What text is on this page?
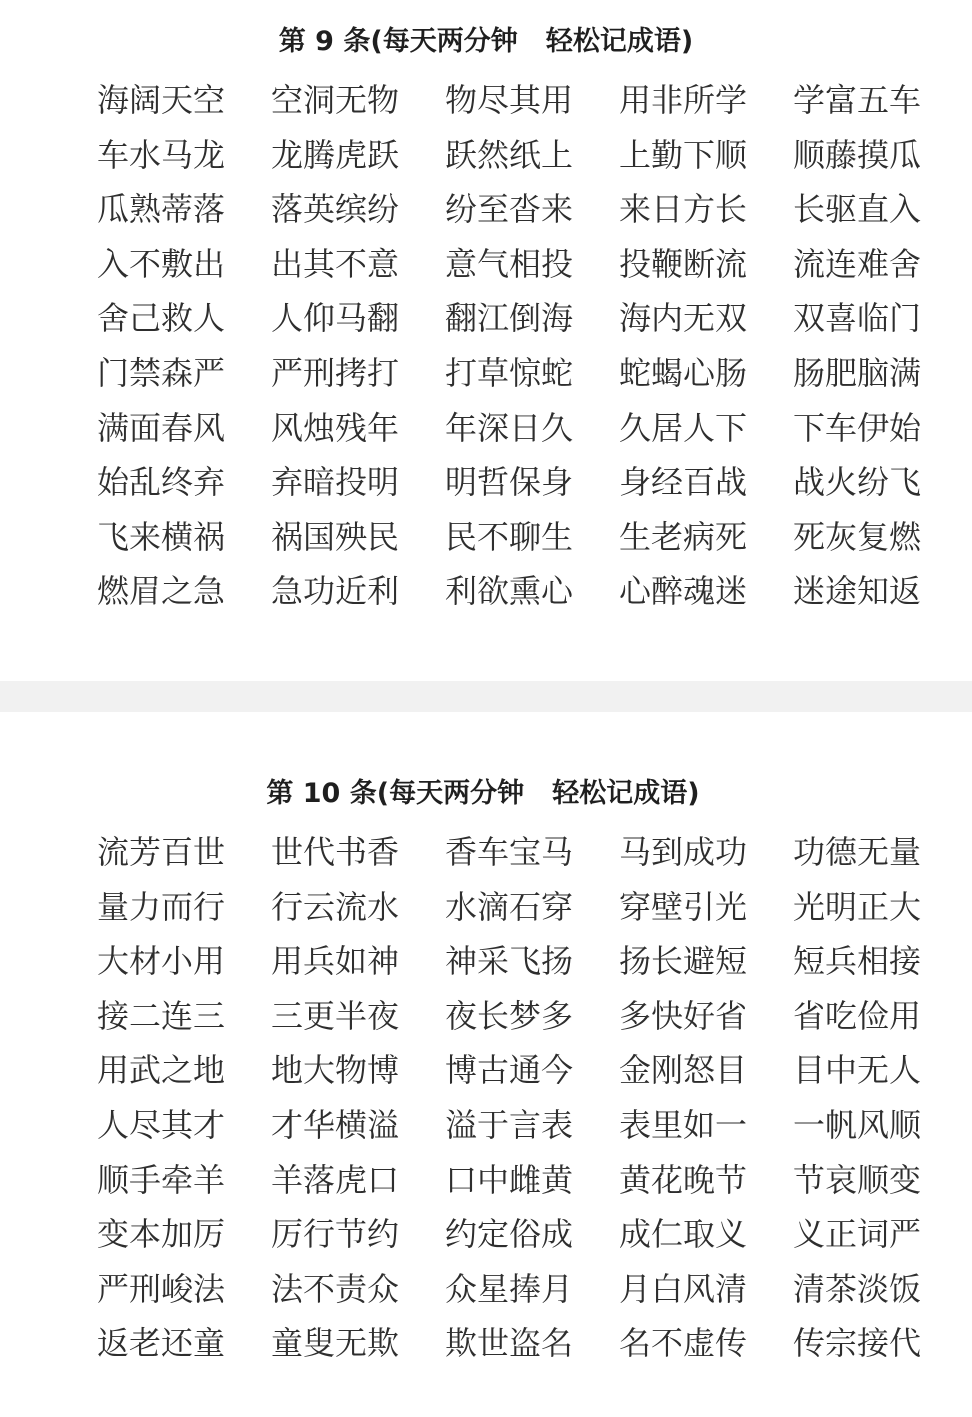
第 9 条(每天两分钟   轻松记成语)
海阔天空	空洞无物	物尽其用	用非所学	学富五车
车水马龙	龙腾虎跃	跃然纸上	上勤下顺	顺藤摸瓜
瓜熟蒂落	落英缤纷	纷至沓来	来日方长	长驱直入
入不敷出	出其不意	意气相投	投鞭断流	流连难舍
舍己救人	人仰马翻	翻江倒海	海内无双	双喜临门
门禁森严	严刑拷打	打草惊蛇	蛇蝎心肠	肠肥脑满
满面春风	风烛残年	年深日久	久居人下	下车伊始
始乱终弃	弃暗投明	明哲保身	身经百战	战火纷飞
飞来横祸	祸国殃民	民不聊生	生老病死	死灰复燃
燃眉之急	急功近利	利欲熏心	心醉魂迷	迷途知返
第 10 条(每天两分钟   轻松记成语)
流芳百世	世代书香	香车宝马	马到成功	功德无量
量力而行	行云流水	水滴石穿	穿壁引光	光明正大
大材小用	用兵如神	神采飞扬	扬长避短	短兵相接
接二连三	三更半夜	夜长梦多	多快好省	省吃俭用
用武之地	地大物博	博古通今	金刚怒目	目中无人
人尽其才	才华横溢	溢于言表	表里如一	一帆风顺
顺手牵羊	羊落虎口	口中雌黄	黄花晚节	节哀顺变
变本加厉	厉行节约	约定俗成	成仁取义	义正词严
严刑峻法	法不责众	众星捧月	月白风清	清茶淡饭
返老还童	童叟无欺	欺世盗名	名不虚传	传宗接代
